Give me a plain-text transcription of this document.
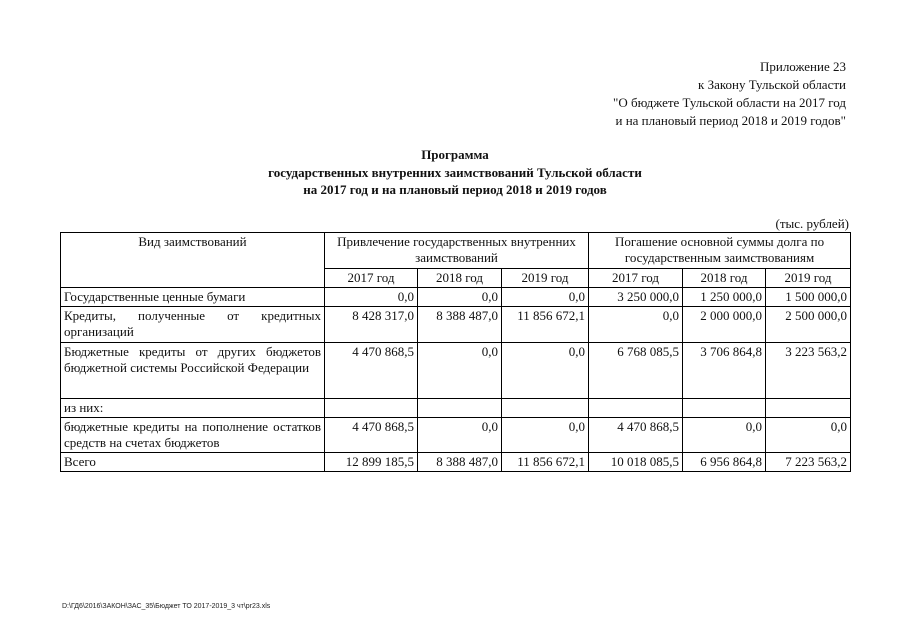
Приложение 23
к Закону Тульской области
"О бюджете Тульской области на 2017 год
и на плановый период 2018 и 2019 годов"
Программа
государственных внутренних заимствований Тульской области
на 2017 год и на плановый период 2018 и 2019 годов
(тыс. рублей)
Вид заимствований	Привлечение государственных внутренних заимствований			Погашение основной суммы долга по государственным заимствованиям		
	2017 год	2018 год	2019 год	2017 год	2018 год	2019 год
Государственные ценные бумаги	0,0	0,0	0,0	3 250 000,0	1 250 000,0	1 500 000,0
Кредиты, полученные от кредитных организаций	8 428 317,0	8 388 487,0	11 856 672,1	0,0	2 000 000,0	2 500 000,0
Бюджетные кредиты от других бюджетов бюджетной системы Российской Федерации	4 470 868,5	0,0	0,0	6 768 085,5	3 706 864,8	3 223 563,2
из них:						
бюджетные кредиты на пополнение остатков средств на счетах бюджетов	4 470 868,5	0,0	0,0	4 470 868,5	0,0	0,0
Всего	12 899 185,5	8 388 487,0	11 856 672,1	10 018 085,5	6 956 864,8	7 223 563,2
D:\ГД6\2016\ЗАКОН\ЗАС_35\Бюджет ТО 2017-2019_3 чт\pr23.xls
